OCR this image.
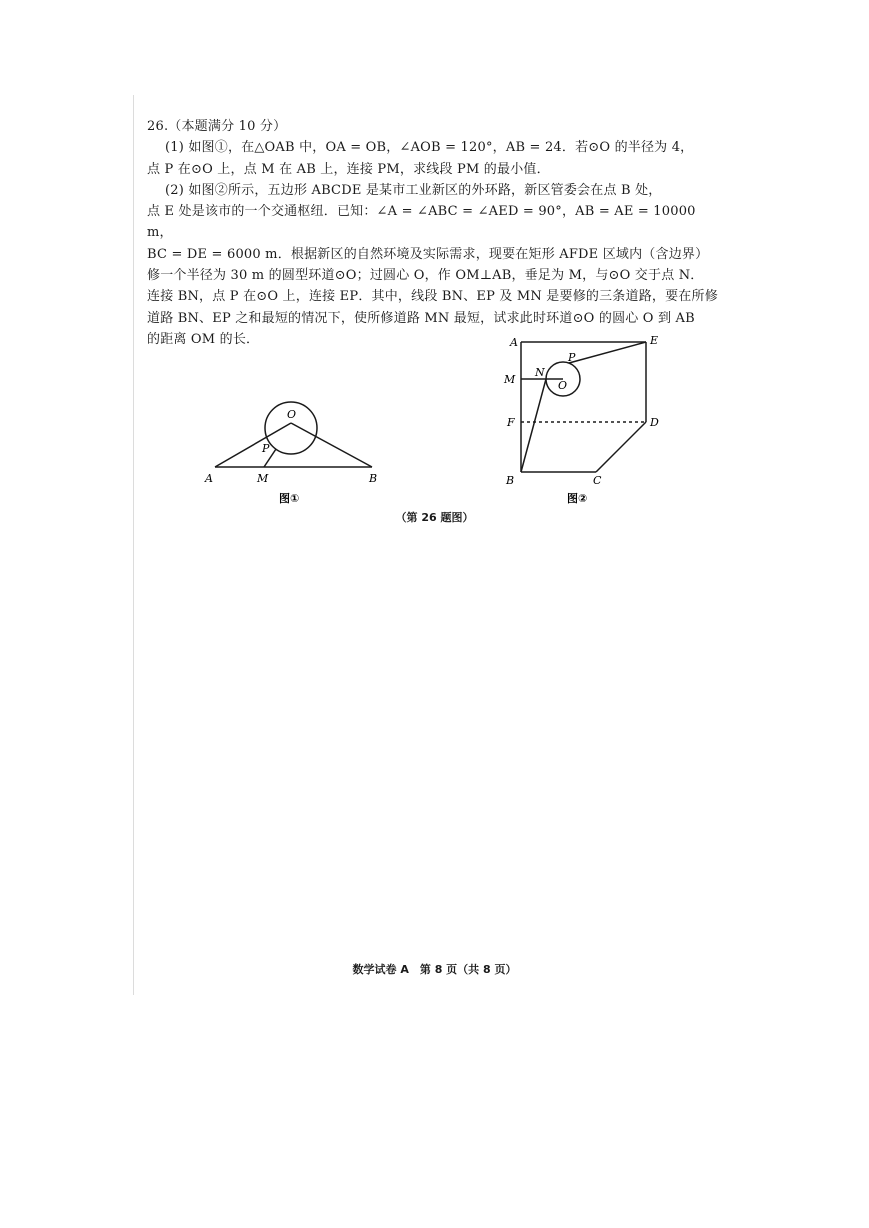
26.（本题满分 10 分）

(1) 如图①，在△OAB 中，OA = OB，∠AOB = 120°，AB = 24．若⊙O 的半径为 4，

点 P 在⊙O 上，点 M 在 AB 上，连接 PM，求线段 PM 的最小值．

(2) 如图②所示，五边形 ABCDE 是某市工业新区的外环路，新区管委会在点 B 处，

点 E 处是该市的一个交通枢纽．已知：∠A = ∠ABC = ∠AED = 90°，AB = AE = 10000 m，

BC = DE = 6000 m．根据新区的自然环境及实际需求，现要在矩形 AFDE 区域内（含边界）

修一个半径为 30 m 的圆型环道⊙O；过圆心 O，作 OM⊥AB，垂足为 M，与⊙O 交于点 N．

连接 BN，点 P 在⊙O 上，连接 EP．其中，线段 BN、EP 及 MN 是要修的三条道路，要在所修

道路 BN、EP 之和最短的情况下，使所修道路 MN 最短，试求此时环道⊙O 的圆心 O 到 AB

的距离 OM 的长．

O
P
A	M	B
图①
A	E
P
M
N
O
F	D
B	C
图②
（第 26 题图）
数学试卷 A　第 8 页（共 8 页）
